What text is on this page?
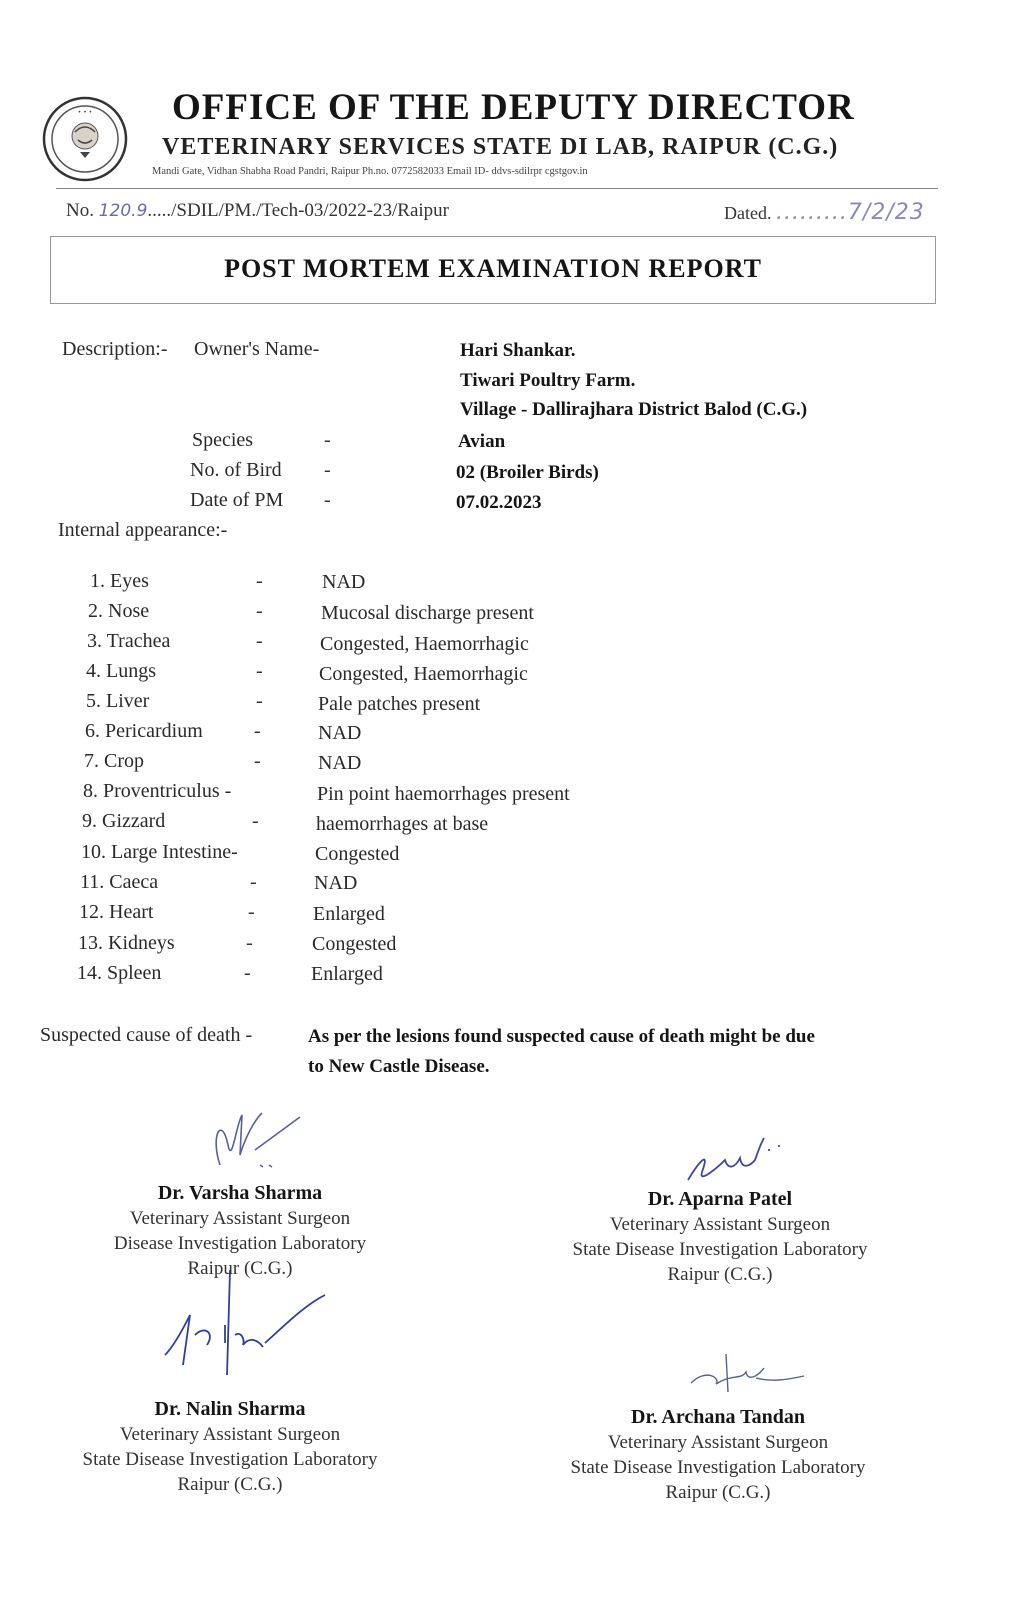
• • • OFFICE OF THE DEPUTY DIRECTOR
VETERINARY SERVICES STATE DI LAB, RAIPUR (C.G.)
Mandi Gate, Vidhan Shabha Road Pandri, Raipur Ph.no. 0772582033 Email ID- ddvs-sdilrpr cgstgov.in
No. 120.9...../SDIL/PM./Tech-03/2022-23/Raipur	Dated. .........7/2/23
POST MORTEM EXAMINATION REPORT
Description:- Owner's Name-	Hari Shankar.
Tiwari Poultry Farm.
Village - Dallirajhara District Balod (C.G.)
Species	-	Avian
No. of Bird -	02 (Broiler Birds)
Date of PM -	07.02.2023
Internal appearance:-
1. Eyes	-	NAD
2. Nose	-	Mucosal discharge present
3. Trachea	-	Congested, Haemorrhagic
4. Lungs	-	Congested, Haemorrhagic
5. Liver	-	Pale patches present
6. Pericardium	-	NAD
7. Crop	-	NAD
8. Proventriculus -	Pin point haemorrhages present
9. Gizzard	-	haemorrhages at base
10. Large Intestine-	Congested
11. Caeca	-	NAD
12. Heart	-	Enlarged
13. Kidneys	-	Congested
14. Spleen	-	Enlarged
Suspected cause of death -	As per the lesions found suspected cause of death might be due
to New Castle Disease.
Dr. Varsha Sharma
Veterinary Assistant Surgeon
Disease Investigation Laboratory
Raipur (C.G.)
Dr. Aparna Patel
Veterinary Assistant Surgeon
State Disease Investigation Laboratory
Raipur (C.G.)
Dr. Nalin Sharma
Veterinary Assistant Surgeon
State Disease Investigation Laboratory
Raipur (C.G.)
Dr. Archana Tandan
Veterinary Assistant Surgeon
State Disease Investigation Laboratory
Raipur (C.G.)
